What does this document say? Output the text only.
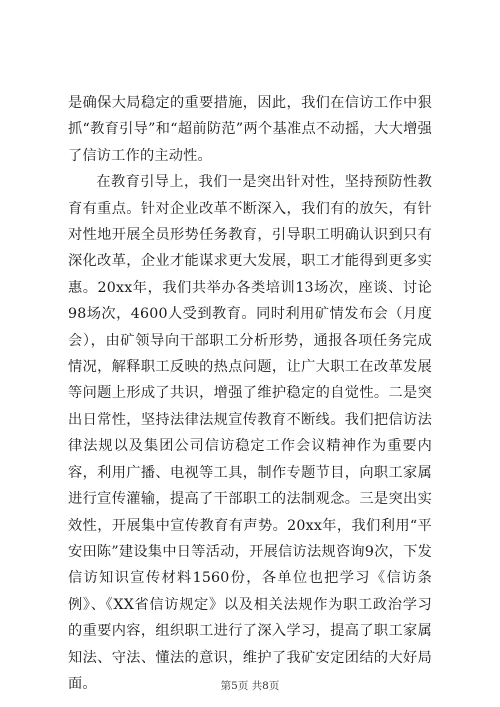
是确保大局稳定的重要措施，因此，我们在信访工作中狠抓“教育引导”和“超前防范”两个基准点不动摇，大大增强了信访工作的主动性。

在教育引导上，我们一是突出针对性，坚持预防性教育有重点。针对企业改革不断深入，我们有的放矢，有针对性地开展全员形势任务教育，引导职工明确认识到只有深化改革，企业才能谋求更大发展，职工才能得到更多实惠。20xx年，我们共举办各类培训13场次，座谈、讨论98场次，4600人受到教育。同时利用矿情发布会（月度会），由矿领导向干部职工分析形势，通报各项任务完成情况，解释职工反映的热点问题，让广大职工在改革发展等问题上形成了共识，增强了维护稳定的自觉性。二是突出日常性，坚持法律法规宣传教育不断线。我们把信访法律法规以及集团公司信访稳定工作会议精神作为重要内容，利用广播、电视等工具，制作专题节目，向职工家属进行宣传灌输，提高了干部职工的法制观念。三是突出实效性，开展集中宣传教育有声势。20xx年，我们利用“平安田陈”建设集中日等活动，开展信访法规咨询9次，下发信访知识宣传材料1560份，各单位也把学习《信访条例》、《XX省信访规定》以及相关法规作为职工政治学习的重要内容，组织职工进行了深入学习，提高了职工家属知法、守法、懂法的意识，维护了我矿安定团结的大好局面。	第5页 共8页
